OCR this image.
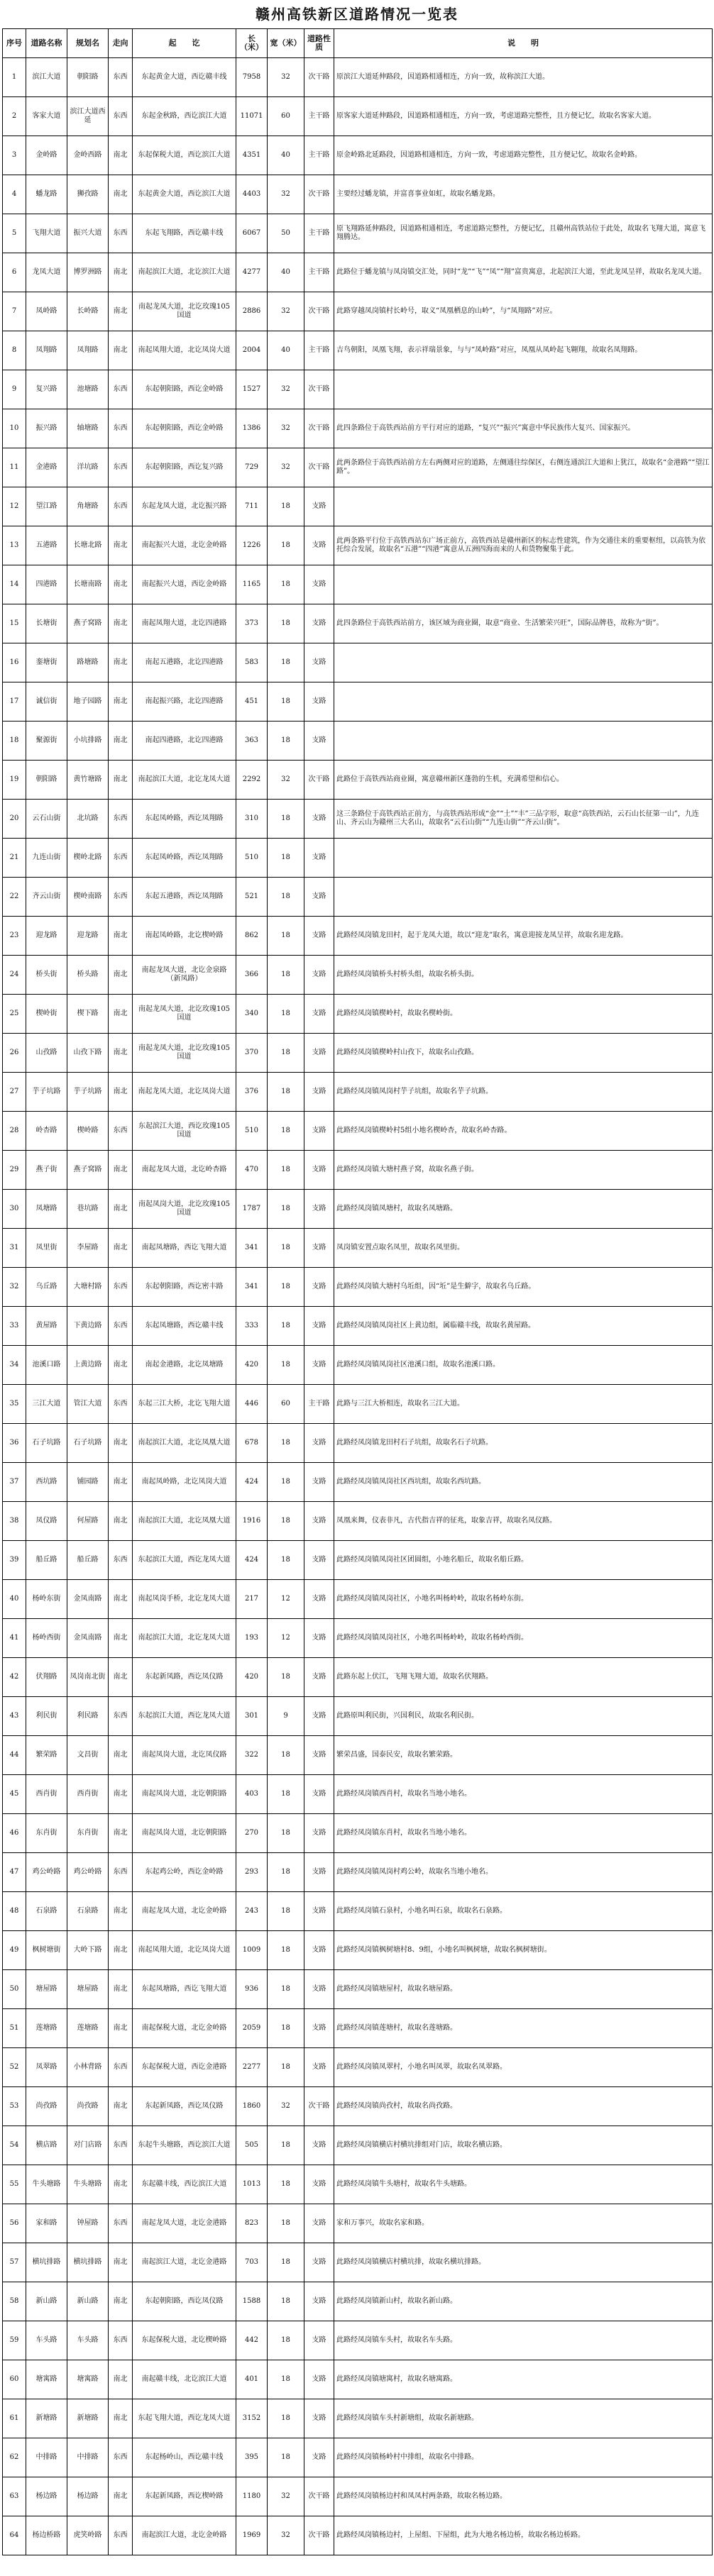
赣州高铁新区道路情况一览表
序号	道路名称	规划名	走向	起　　讫	长（米）	宽（米）	道路性质	说　　明
1	滨江大道	朝阳路	东西	东起黄金大道，西讫赣丰线	7958	32	次干路	原滨江大道延伸路段，因道路相通相连，方向一致，故称滨江大道。
2	客家大道	滨江大道西延	东西	东起金秋路，西讫滨江大道	11071	60	主干路	原客家大道延伸路段，因道路相通相连，方向一致，考虑道路完整性，且方便记忆，故取名客家大道。
3	金岭路	金岭西路	南北	东起保税大道，西讫滨江大道	4351	40	主干路	原金岭路北延路段，因道路相通相连，方向一致，考虑道路完整性，且方便记忆，故取名金岭路。
4	蟠龙路	狮孜路	南北	东起黄金大道，西讫滨江大道	4403	32	次干路	主要经过蟠龙镇，并富喜事业如虹，故取名蟠龙路。
5	飞翔大道	振兴大道	东西	东起飞翔路，西讫赣丰线	6067	50	主干路	原飞翔路延伸路段，因道路相通相连，考虑道路完整性，方便记忆，且赣州高铁站位于此处，故取名飞翔大道，寓意飞翔腾达。
6	龙凤大道	博罗洲路	南北	南起滨江大道，北讫滨江大道	4277	40	主干路	此路位于蟠龙镇与凤岗镇交汇处，同时“龙”“飞”“凤”“翔”富贵寓意，北起滨江大道，至此龙凤呈祥，故取名龙凤大道。
7	凤岭路	长岭路	南北	南起龙凤大道，北讫玫瑰105国道	2886	32	次干路	此路穿越凤岗镇村长岭号，取义“凤凰栖息的山岭”，与“凤翔路”对应。
8	凤翔路	凤翔路	南北	南起凤翔大道，北讫凤岗大道	2004	40	主干路	吉鸟朝阳，凤凰飞翔，表示祥瑞景象，与与“凤岭路”对应，凤凰从凤岭起飞翱翔，故取名凤翔路。
9	复兴路	池塘路	东西	东起朝阳路，西讫金岭路	1527	32	次干路	
10	振兴路	轴塘路	东西	东起朝阳路，西讫金岭路	1386	32	次干路	此四条路位于高铁西站前方平行对应的道路，“复兴”“振兴”寓意中华民族伟大复兴、国家振兴。
11	金港路	洋坑路	东西	东起朝阳路，西讫复兴路	729	32	次干路	此两条路位于高铁西站前方左右两侧对应的道路，左侧通往综保区，右侧连通滨江大道和上犹江，故取名“金港路”“望江路”。
12	望江路	角塘路	东西	东起龙凤大道，北讫振兴路	711	18	支路	
13	五港路	长塘北路	南北	南起振兴大道，北讫金岭路	1226	18	支路	此两条路平行位于高铁西站东广场正前方，高铁西站是赣州新区的标志性建筑，作为交通往来的重要枢纽，以高铁为依托综合发展，故取名“五港”“四港”寓意从五洲四海而来的人和货物聚集于此。
14	四港路	长塘南路	南北	南起振兴大道，西讫金岭路	1165	18	支路	
15	长塘街	燕子窝路	南北	南起凤翔大道，北讫四港路	373	18	支路	此四条路位于高铁西站前方，该区域为商业圈，取意“商业、生活繁荣兴旺”，国际品牌巷，故称为“街”。
16	銮塘街	路塘路	南北	南起五港路，北讫四港路	583	18	支路	
17	诚信街	地子园路	南北	南起振兴路，北讫四港路	451	18	支路	
18	聚源街	小坑排路	南北	南起四港路，北讫四港路	363	18	支路	
19	朝阳路	黄竹塘路	南北	南起滨江大道，北讫龙凤大道	2292	32	次干路	此路位于高铁西站商业圈，寓意赣州新区蓬勃的生机，充满希望和信心。
20	云石山街	北坑路	东西	东起凤岭路，西讫凤翔路	310	18	支路	这三条路位于高铁西站正前方，与高铁西站形成“金”“土”“丰”三品字形，取意“高铁西站，云石山长征第一山”，九连山、齐云山为赣州三大名山，故取名“云石山街”“九连山街”“齐云山街”。
21	九连山街	楔岭北路	东西	东起凤岭路，西讫凤翔路	510	18	支路	
22	齐云山街	楔岭南路	东西	东起五港路，西讫凤翔路	521	18	支路	
23	迎龙路	迎龙路	南北	南起凤岭路，北讫楔岭路	862	18	支路	此路经凤岗镇龙田村，起于龙凤大道，故以“迎龙”取名，寓意迎接龙凤呈祥，故取名迎龙路。
24	桥头街	桥头路	南北	南起龙凤大道，北讫金泉路（新凤路）	366	18	支路	此路经凤岗镇桥头村桥头组，故取名桥头街。
25	楔岭街	楔下路	南北	南起龙凤大道，北讫玫瑰105国道	340	18	支路	此路经凤岗镇楔岭村，故取名楔岭街。
26	山孜路	山孜下路	南北	南起龙凤大道，北讫玫瑰105国道	370	18	支路	此路经凤岗镇楔岭村山孜下，故取名山孜路。
27	芋子坑路	芋子坑路	南北	南起龙凤大道，北讫凤岗大道	376	18	支路	此路经凤岗镇凤岗村芋子坑组，故取名芋子坑路。
28	岭杏路	楔岭路	东西	东起滨江大道，西讫玫瑰105国道	510	18	支路	此路经凤岗镇楔岭村5组小地名楔岭杏，故取名岭杏路。
29	燕子街	燕子窝路	南北	南起龙凤大道，北讫岭杏路	470	18	支路	此路经凤岗镇大塘村燕子窝，故取名燕子街。
30	凤塘路	巷坑路	南北	南起凤岗大道，北讫玫瑰105国道	1787	18	支路	此路经凤岗镇凤塘村，故取名凤塘路。
31	凤里街	李屋路	南北	南起凤塘路，西讫飞翔大道	341	18	支路	凤岗镇安置点取名凤里，故取名凤里街。
32	乌丘路	大塘村路	东西	东起朝阳路，西讫密丰路	341	18	支路	此路经凤岗镇大塘村乌坵组，因“坵”是生僻字，故取名乌丘路。
33	黄屋路	下黄边路	东西	东起凤塘路，西讫赣丰线	333	18	支路	此路经凤岗镇凤岗社区上黄边组，属临赣丰线，故取名黄屋路。
34	池溪口路	上黄边路	南北	南起金港路，北讫凤塘路	420	18	支路	此路经凤岗镇凤岗社区池溪口组，故取名池溪口路。
35	三江大道	管江大道	东西	东起三江大桥，北讫飞翔大道	446	60	主干路	此路与三江大桥相连，故取名三江大道。
36	石子坑路	石子坑路	南北	南起滨江大道，北讫凤凰大道	678	18	支路	此路经凤岗镇龙田村石子坑组，故取名石子坑路。
37	西坑路	铺园路	南北	南起凤岭路，北讫凤岗大道	424	18	支路	此路经凤岗镇凤岗社区西坑组，故取名西坑路。
38	凤仪路	何屋路	南北	南起滨江大道，北讫凤凰大道	1916	18	支路	凤凰来舞，仪表非凡，古代指吉祥的征兆，取象吉祥，故取名凤仪路。
39	船丘路	船丘路	东西	东起滨江大道，西讫龙凤大道	424	18	支路	此路经凤岗镇凤岗社区团圆组，小地名船丘，故取名船丘路。
40	杨岭东街	金凤南路	南北	南起凤岗手桥，北讫龙凤大道	217	12	支路	此路经凤岗镇凤岗社区，小地名叫杨岭岭，故取名杨岭东街。
41	杨岭西街	金凤南路	南北	南起滨江大道，北讫龙凤大道	193	12	支路	此路经凤岗镇凤岗社区，小地名叫杨岭岭，故取名杨岭西街。
42	伏翔路	凤岗南北街	南北	东起新凤路，西讫凤仪路	420	18	支路	此路东起上伏江，飞翔飞翔大道，故取名伏翔路。
43	利民街	利民路	东西	东起滨江大道，西讫龙凤大道	301	9	支路	此路原叫利民街，兴国利民，故取名利民街。
44	繁荣路	文昌街	南北	南起凤岗大道，北讫凤仪路	322	18	支路	繁荣昌盛，国泰民安，故取名繁荣路。
45	西肖街	西肖街	南北	南起凤岗大道，北讫朝阳路	403	18	支路	此路经凤岗镇西肖村，故取名当地小地名。
46	东肖街	东肖街	南北	南起凤岗大道，北讫朝阳路	270	18	支路	此路经凤岗镇东肖村，故取名当地小地名。
47	鸡公岭路	鸡公岭路	东西	东起鸡公岭，西讫金岭路	293	18	支路	此路经凤岗镇凤岗村鸡公岭，故取名当地小地名。
48	石泉路	石泉路	南北	南起龙凤大道，北讫金岭路	243	18	支路	此路经凤岗镇石泉村，小地名叫石泉，故取名石泉路。
49	枫树塘街	大岭下路	南北	南起凤翔大道，北讫凤岗大道	1009	18	支路	此路经凤岗镇枫树塘村8、9组，小地名叫枫树塘，故取名枫树塘街。
50	塘屋路	塘屋路	南北	东起凤塘路，西讫飞翔大道	936	18	支路	此路经凤岗镇塘屋村，故取名塘屋路。
51	莲塘路	莲塘路	南北	南起保税大道，北讫金岭路	2059	18	支路	此路经凤岗镇莲塘村，故取名莲塘路。
52	凤翠路	小林背路	东西	东起保税大道，西讫金港路	2277	18	支路	此路经凤岗镇凤翠村，小地名叫凤翠，故取名凤翠路。
53	尚孜路	尚孜路	南北	东起新凤路，西讫凤仪路	1860	32	次干路	此路经凤岗镇尚孜村，故取名尚孜路。
54	横店路	对门店路	东西	东起牛头塘路，西讫滨江大道	505	18	支路	此路经凤岗镇横店村横坑排组对门店，故取名横店路。
55	牛头塘路	牛头塘路	南北	东起赣丰线，西讫滨江大道	1013	18	支路	此路经凤岗镇牛头塘村，故取名牛头塘路。
56	家和路	钟屋路	东西	南起龙凤大道，北讫金港路	823	18	支路	家和万事兴，故取名家和路。
57	横坑排路	横坑排路	南北	南起滨江大道，北讫金港路	703	18	支路	此路经凤岗镇横店村横坑排，故取名横坑排路。
58	新山路	新山路	南北	东起朝阳路，西讫凤仪路	1588	18	支路	此路经凤岗镇新山村，故取名新山路。
59	车头路	车头路	东西	东起保税大道，北讫楔岭路	442	18	支路	此路经凤岗镇车头村，故取名车头路。
60	塘寓路	塘寓路	南北	南起赣丰线，北讫滨江大道	401	18	支路	此路经凤岗镇塘寓村，故取名塘寓路。
61	新塘路	新塘路	南北	东起飞翔大道，西讫龙凤大道	3152	18	支路	此路经凤岗镇车头村新塘组，故取名新塘路。
62	中排路	中排路	东西	东起杨岭山，西讫赣丰线	395	18	支路	此路经凤岗镇杨岭村中排组，故取名中排路。
63	杨边路	杨边路	南北	东起新凤路，西讫楔岭路	1180	32	次干路	此路经凤岗镇杨边村和凤凤村两条路，故取名杨边路。
64	杨边桥路	虎笑岭路	东西	南起滨江大道，北讫金岭路	1969	32	次干路	此路经凤岗镇杨边村，上屋组、下屋组，此为大地名杨边桥，故取名杨边桥路。
